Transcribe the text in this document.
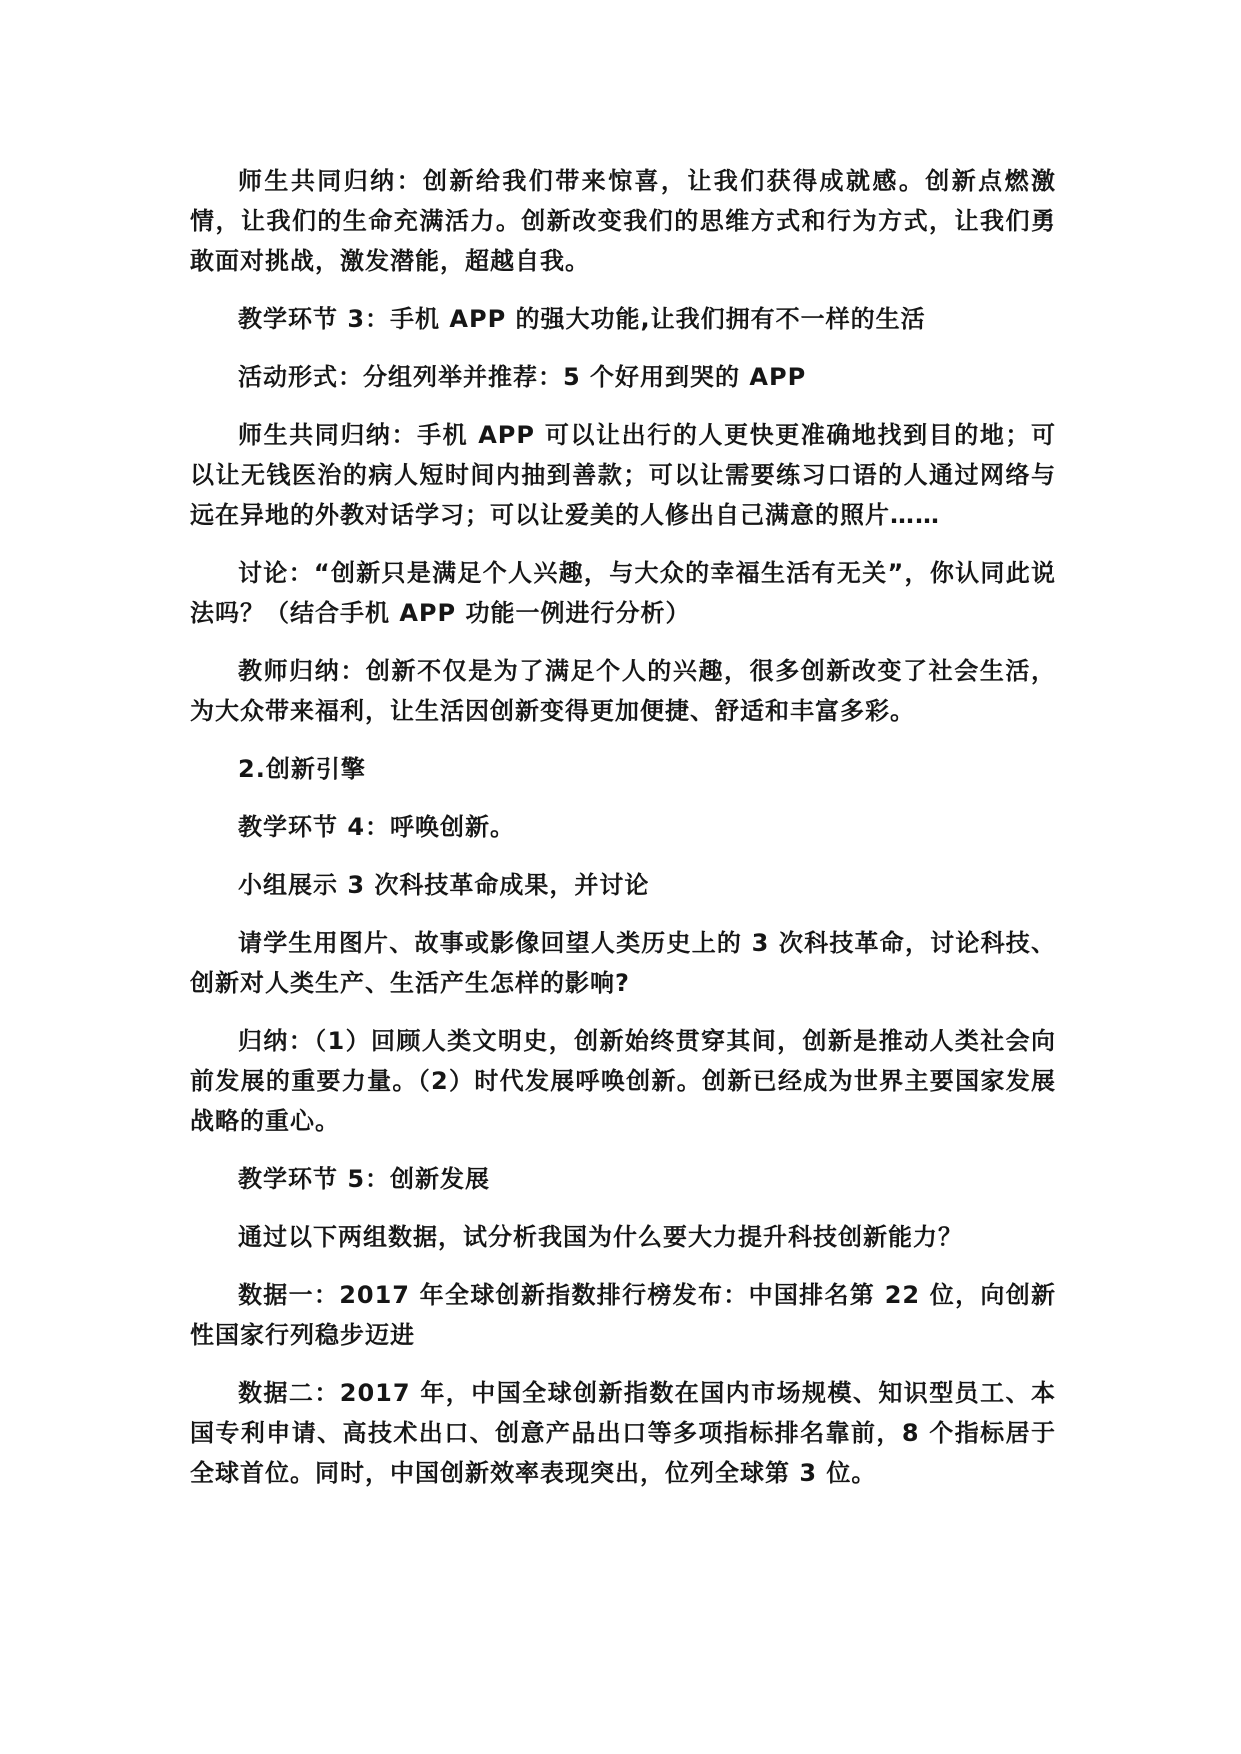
师生共同归纳：创新给我们带来惊喜，让我们获得成就感。创新点燃激情，让我们的生命充满活力。创新改变我们的思维方式和行为方式，让我们勇敢面对挑战，激发潜能，超越自我。

教学环节 3：手机 APP 的强大功能,让我们拥有不一样的生活

活动形式：分组列举并推荐：5 个好用到哭的 APP

师生共同归纳：手机 APP 可以让出行的人更快更准确地找到目的地；可以让无钱医治的病人短时间内抽到善款；可以让需要练习口语的人通过网络与远在异地的外教对话学习；可以让爱美的人修出自己满意的照片……

讨论：“创新只是满足个人兴趣，与大众的幸福生活有无关”，你认同此说法吗？（结合手机 APP 功能一例进行分析）

教师归纳：创新不仅是为了满足个人的兴趣，很多创新改变了社会生活，为大众带来福利，让生活因创新变得更加便捷、舒适和丰富多彩。

2.创新引擎

教学环节 4：呼唤创新。

小组展示 3 次科技革命成果，并讨论

请学生用图片、故事或影像回望人类历史上的 3 次科技革命，讨论科技、创新对人类生产、生活产生怎样的影响?

归纳：（1）回顾人类文明史，创新始终贯穿其间，创新是推动人类社会向前发展的重要力量。（2）时代发展呼唤创新。创新已经成为世界主要国家发展战略的重心。

教学环节 5：创新发展

通过以下两组数据，试分析我国为什么要大力提升科技创新能力？

数据一：2017 年全球创新指数排行榜发布：中国排名第 22 位，向创新性国家行列稳步迈进

数据二：2017 年，中国全球创新指数在国内市场规模、知识型员工、本国专利申请、高技术出口、创意产品出口等多项指标排名靠前，8 个指标居于全球首位。同时，中国创新效率表现突出，位列全球第 3 位。
